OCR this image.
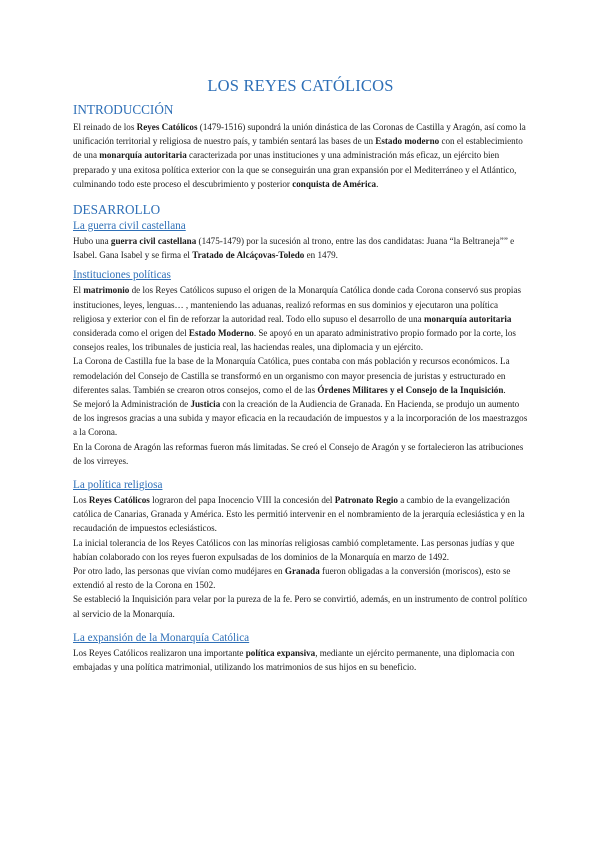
LOS REYES CATÓLICOS
INTRODUCCIÓN

El reinado de los Reyes Católicos (1479-1516) supondrá la unión dinástica de las Coronas de Castilla y Aragón, así como la unificación territorial y religiosa de nuestro país, y también sentará las bases de un Estado moderno con el establecimiento de una monarquía autoritaria caracterizada por unas instituciones y una administración más eficaz, un ejército bien preparado y una exitosa política exterior con la que se conseguirán una gran expansión por el Mediterráneo y el Atlántico, culminando todo este proceso el descubrimiento y posterior conquista de América.

DESARROLLO
La guerra civil castellana

Hubo una guerra civil castellana (1475-1479) por la sucesión al trono, entre las dos candidatas: Juana “la Beltraneja”” e Isabel. Gana Isabel y se firma el Tratado de Alcáçovas-Toledo en 1479.

Instituciones políticas

El matrimonio de los Reyes Católicos supuso el origen de la Monarquía Católica donde cada Corona conservó sus propias instituciones, leyes, lenguas… , manteniendo las aduanas, realizó reformas en sus dominios y ejecutaron una política religiosa y exterior con el fin de reforzar la autoridad real. Todo ello supuso el desarrollo de una monarquía autoritaria considerada como el origen del Estado Moderno. Se apoyó en un aparato administrativo propio formado por la corte, los consejos reales, los tribunales de justicia real, las haciendas reales, una diplomacia y un ejército.

La Corona de Castilla fue la base de la Monarquía Católica, pues contaba con más población y recursos económicos. La remodelación del Consejo de Castilla se transformó en un organismo con mayor presencia de juristas y estructurado en diferentes salas. También se crearon otros consejos, como el de las Órdenes Militares y el Consejo de la Inquisición.

Se mejoró la Administración de Justicia con la creación de la Audiencia de Granada. En Hacienda, se produjo un aumento de los ingresos gracias a una subida y mayor eficacia en la recaudación de impuestos y a la incorporación de los maestrazgos a la Corona.

En la Corona de Aragón las reformas fueron más limitadas. Se creó el Consejo de Aragón y se fortalecieron las atribuciones de los virreyes.

La política religiosa

Los Reyes Católicos lograron del papa Inocencio VIII la concesión del Patronato Regio a cambio de la evangelización católica de Canarias, Granada y América. Esto les permitió intervenir en el nombramiento de la jerarquía eclesiástica y en la recaudación de impuestos eclesiásticos.

La inicial tolerancia de los Reyes Católicos con las minorías religiosas cambió completamente. Las personas judías y que habían colaborado con los reyes fueron expulsadas de los dominios de la Monarquía en marzo de 1492.

Por otro lado, las personas que vivían como mudéjares en Granada fueron obligadas a la conversión (moriscos), esto se extendió al resto de la Corona en 1502.

Se estableció la Inquisición para velar por la pureza de la fe. Pero se convirtió, además, en un instrumento de control político al servicio de la Monarquía.

La expansión de la Monarquía Católica

Los Reyes Católicos realizaron una importante política expansiva, mediante un ejército permanente, una diplomacia con embajadas y una política matrimonial, utilizando los matrimonios de sus hijos en su beneficio.
